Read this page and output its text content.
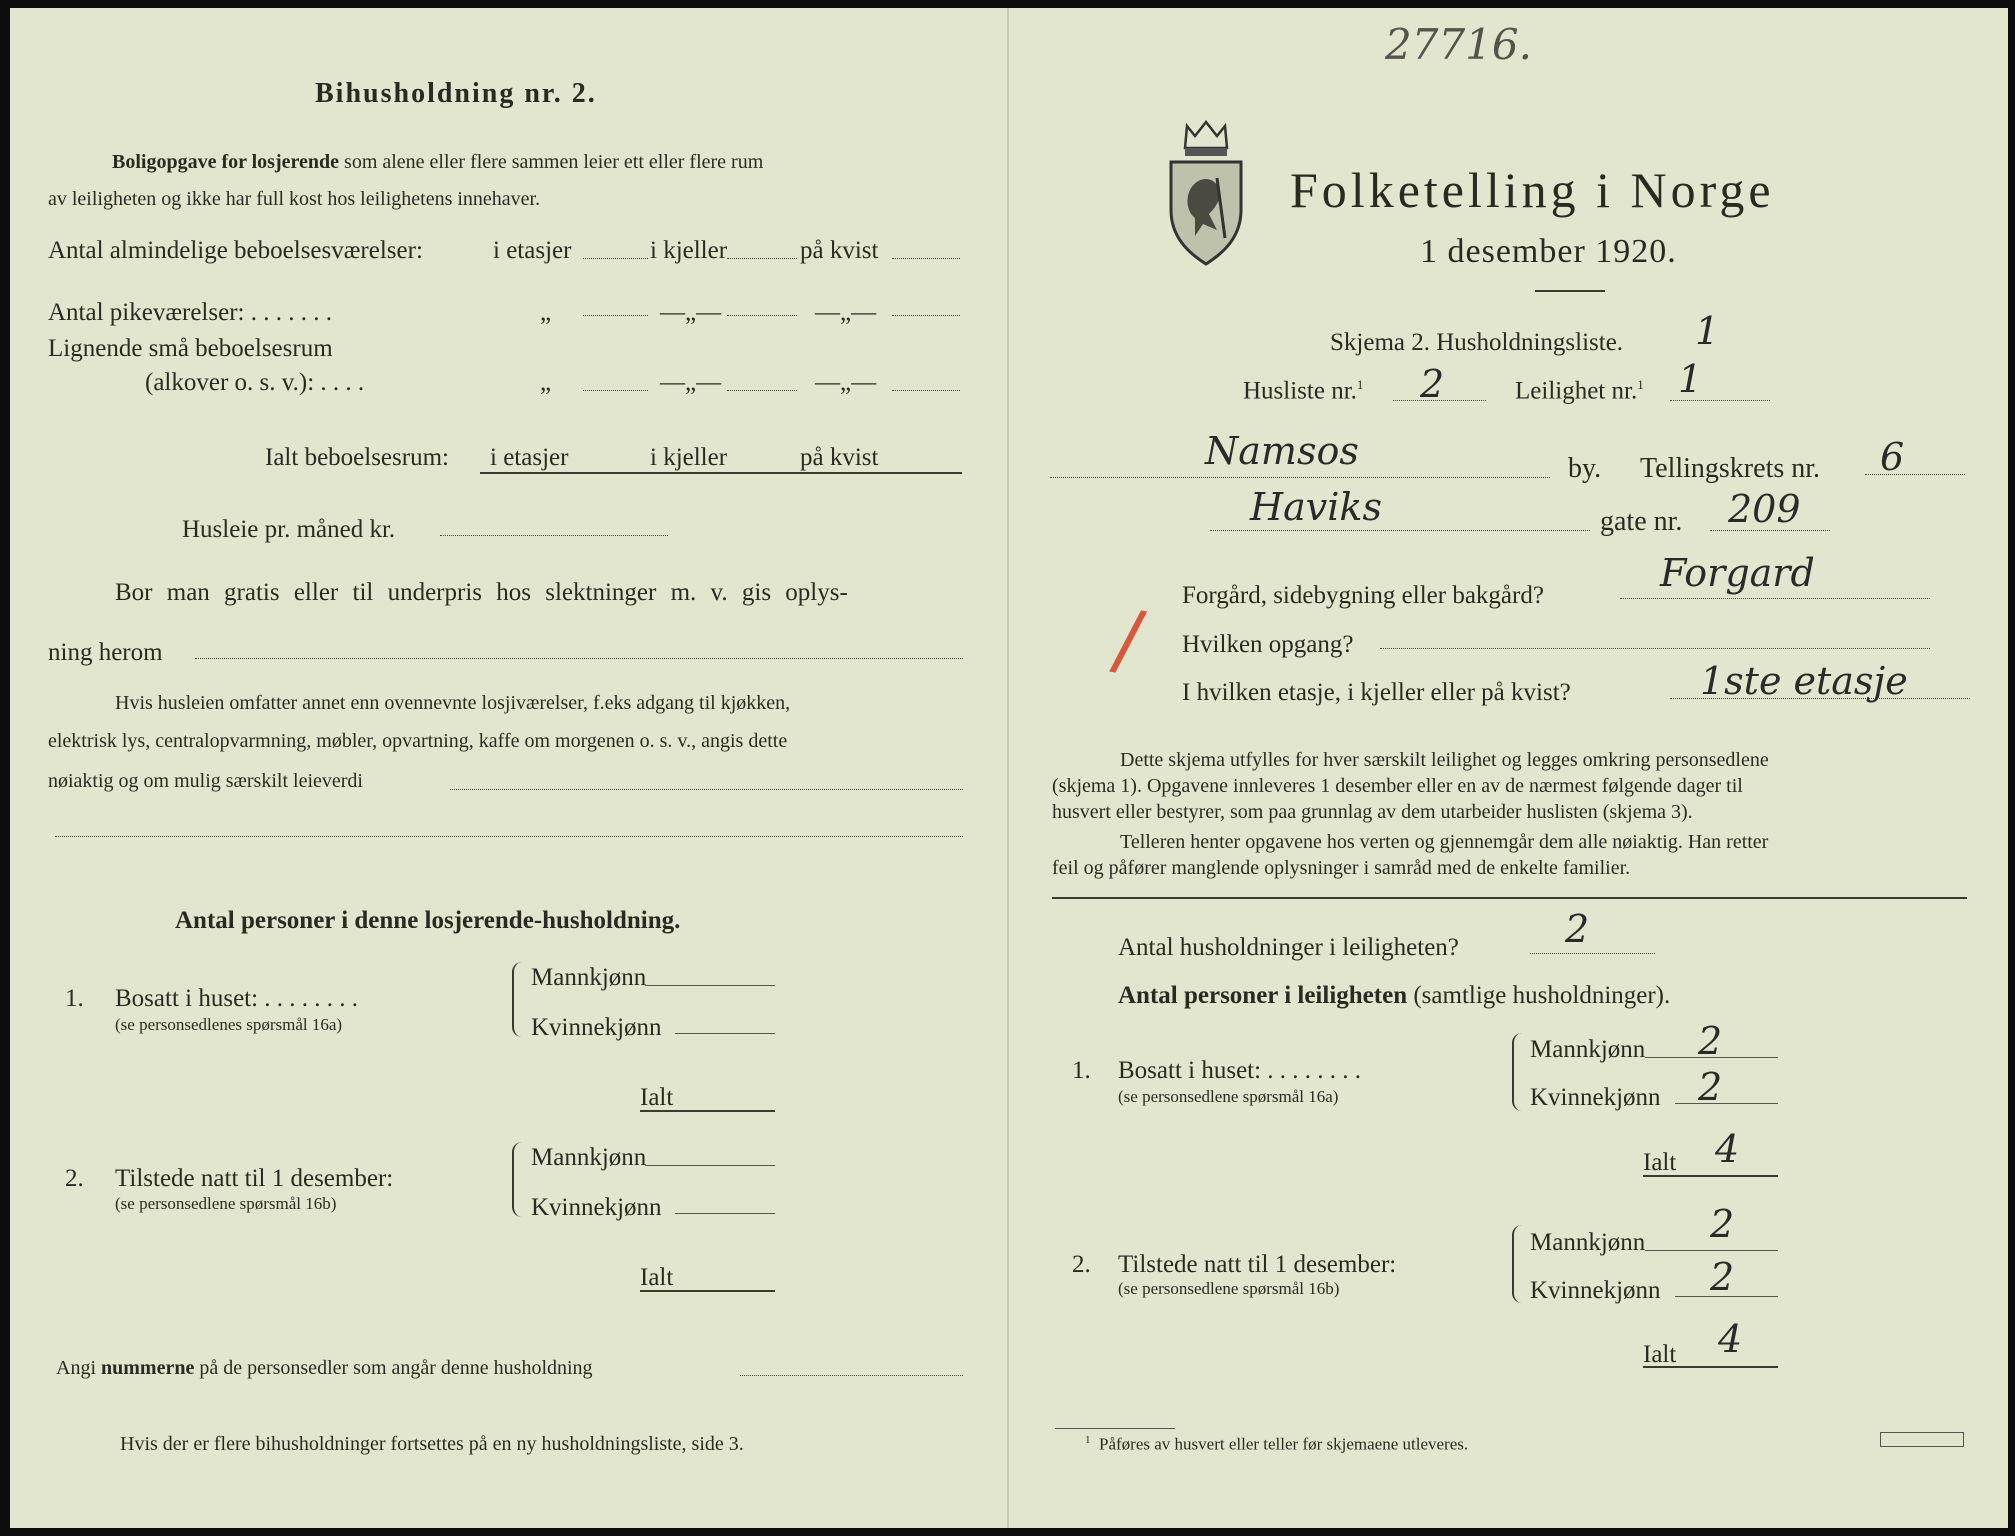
Bihusholdning nr. 2.
Boligopgave for losjerende som alene eller flere sammen leier ett eller flere rum
av leiligheten og ikke har full kost hos leilighetens innehaver.
Antal almindelige beboelsesværelser:	i etasjer	i kjeller	på kvist
Antal pikeværelser: . . . . . . .	„	—„—	—„—
Lignende små beboelsesrum
(alkover o. s. v.): . . . .	„	—„—	—„—
Ialt beboelsesrum: i etasjer	i kjeller	på kvist
Husleie pr. måned kr.
Bor man gratis eller til underpris hos slektninger m. v. gis oplys-
ning herom
Hvis husleien omfatter annet enn ovennevnte losjiværelser, f.eks adgang til kjøkken,
elektrisk lys, centralopvarmning, møbler, opvartning, kaffe om morgenen o. s. v., angis dette
nøiaktig og om mulig særskilt leieverdi
Antal personer i denne losjerende-husholdning.
1. Bosatt i huset: . . . . . . . .
(se personsedlenes spørsmål 16a)
Mannkjønn
Kvinnekjønn
Ialt
2. Tilstede natt til 1 desember:
(se personsedlene spørsmål 16b)
Mannkjønn
Kvinnekjønn
Ialt
Angi nummerne på de personsedler som angår denne husholdning
Hvis der er flere bihusholdninger fortsettes på en ny husholdningsliste, side 3.
27716.
Folketelling i Norge
1 desember 1920.
Skjema 2. Husholdningsliste. 1
Husliste nr.$^1$ 2	Leilighet nr.$^1$ 1
Namsos	by. Tellingskrets nr. 6
Haviks	gate nr. 209
/ Forgård, sidebygning eller bakgård?
Forgard
Hvilken opgang?
I hvilken etasje, i kjeller eller på kvist?	1ste etasje
Dette skjema utfylles for hver særskilt leilighet og legges omkring personsedlene
(skjema 1). Opgavene innleveres 1 desember eller en av de nærmest følgende dager til
husvert eller bestyrer, som paa grunnlag av dem utarbeider huslisten (skjema 3).
Telleren henter opgavene hos verten og gjennemgår dem alle nøiaktig. Han retter
feil og påfører manglende oplysninger i samråd med de enkelte familier.
Antal husholdninger i leiligheten?	2
Antal personer i leiligheten (samtlige husholdninger).
1. Bosatt i huset: . . . . . . . .
(se personsedlene spørsmål 16a)
Mannkjønn 2
Kvinnekjønn 2
Ialt 4
2. Tilstede natt til 1 desember:
(se personsedlene spørsmål 16b)
Mannkjønn 2
Kvinnekjønn 2
Ialt 4
$^1$ Påføres av husvert eller teller før skjemaene utleveres.
